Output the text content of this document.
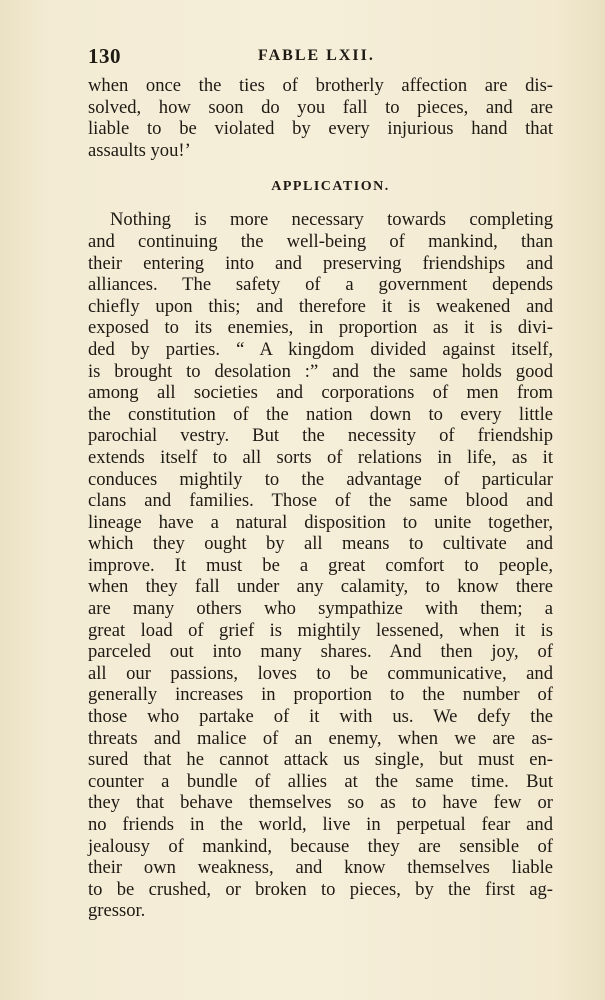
130	FABLE LXII.
when once the ties of brotherly affection are dis-
solved, how soon do you fall to pieces, and are
liable to be violated by every injurious hand that
assaults you!’
APPLICATION.
Nothing is more necessary towards completing
and continuing the well-being of mankind, than
their entering into and preserving friendships and
alliances. The safety of a government depends
chiefly upon this; and therefore it is weakened and
exposed to its enemies, in proportion as it is divi-
ded by parties. “ A kingdom divided against itself,
is brought to desolation :” and the same holds good
among all societies and corporations of men from
the constitution of the nation down to every little
parochial vestry. But the necessity of friendship
extends itself to all sorts of relations in life, as it
conduces mightily to the advantage of particular
clans and families. Those of the same blood and
lineage have a natural disposition to unite together,
which they ought by all means to cultivate and
improve. It must be a great comfort to people,
when they fall under any calamity, to know there
are many others who sympathize with them; a
great load of grief is mightily lessened, when it is
parceled out into many shares. And then joy, of
all our passions, loves to be communicative, and
generally increases in proportion to the number of
those who partake of it with us. We defy the
threats and malice of an enemy, when we are as-
sured that he cannot attack us single, but must en-
counter a bundle of allies at the same time. But
they that behave themselves so as to have few or
no friends in the world, live in perpetual fear and
jealousy of mankind, because they are sensible of
their own weakness, and know themselves liable
to be crushed, or broken to pieces, by the first ag-
gressor.
